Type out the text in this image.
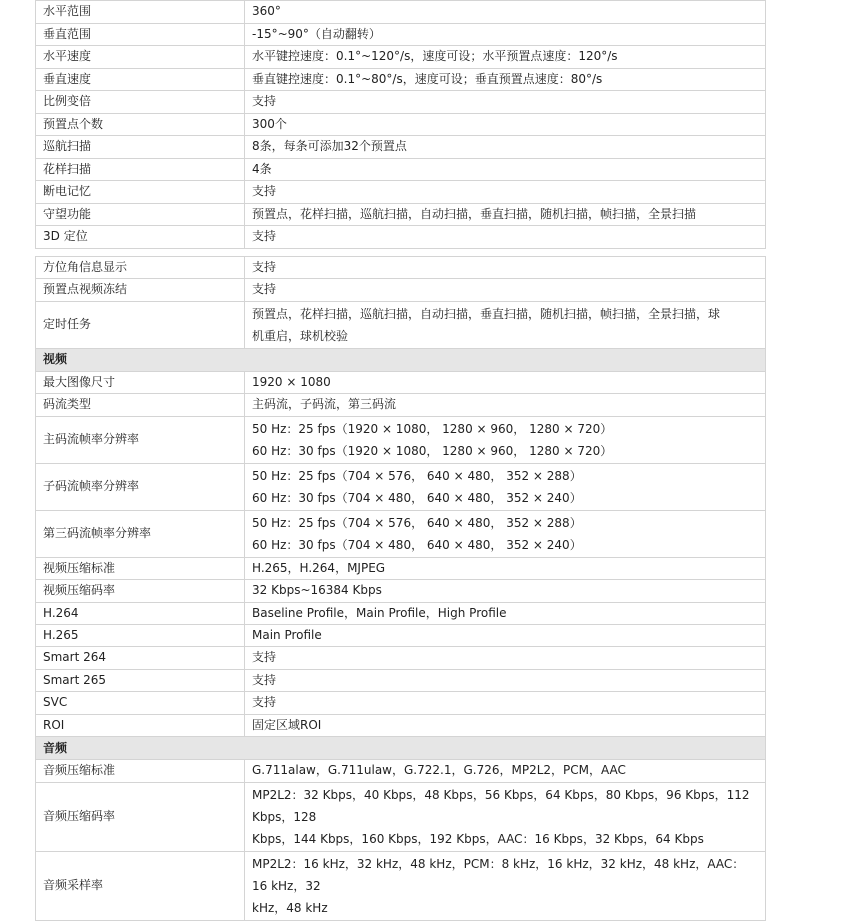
水平范围	360°
垂直范围	-15°~90°（自动翻转）
水平速度	水平键控速度：0.1°~120°/s，速度可设；水平预置点速度：120°/s
垂直速度	垂直键控速度：0.1°~80°/s，速度可设；垂直预置点速度：80°/s
比例变倍	支持
预置点个数	300个
巡航扫描	8条，每条可添加32个预置点
花样扫描	4条
断电记忆	支持
守望功能	预置点，花样扫描，巡航扫描，自动扫描，垂直扫描，随机扫描，帧扫描，全景扫描
3D 定位	支持
方位角信息显示	支持
预置点视频冻结	支持
定时任务	预置点，花样扫描，巡航扫描，自动扫描，垂直扫描，随机扫描，帧扫描，全景扫描，球
机重启，球机校验

视频	
最大图像尺寸	1920 × 1080
码流类型	主码流，子码流，第三码流
主码流帧率分辨率	50 Hz：25 fps（1920 × 1080， 1280 × 960， 1280 × 720）
60 Hz：30 fps（1920 × 1080， 1280 × 960， 1280 × 720）

子码流帧率分辨率	50 Hz：25 fps（704 × 576， 640 × 480， 352 × 288）
60 Hz：30 fps（704 × 480， 640 × 480， 352 × 240）

第三码流帧率分辨率	50 Hz：25 fps（704 × 576， 640 × 480， 352 × 288）
60 Hz：30 fps（704 × 480， 640 × 480， 352 × 240）

视频压缩标准	H.265，H.264，MJPEG
视频压缩码率	32 Kbps~16384 Kbps
H.264	Baseline Profile，Main Profile，High Profile
H.265	Main Profile
Smart 264	支持
Smart 265	支持
SVC	支持
ROI	固定区域ROI
音频	
音频压缩标准	G.711alaw，G.711ulaw，G.722.1，G.726，MP2L2，PCM，AAC
音频压缩码率	MP2L2：32 Kbps，40 Kbps，48 Kbps，56 Kbps，64 Kbps，80 Kbps，96 Kbps，112 Kbps，128
Kbps，144 Kbps，160 Kbps，192 Kbps，AAC：16 Kbps，32 Kbps，64 Kbps

音频采样率	MP2L2：16 kHz，32 kHz，48 kHz，PCM：8 kHz，16 kHz，32 kHz，48 kHz，AAC：16 kHz，32
kHz，48 kHz
